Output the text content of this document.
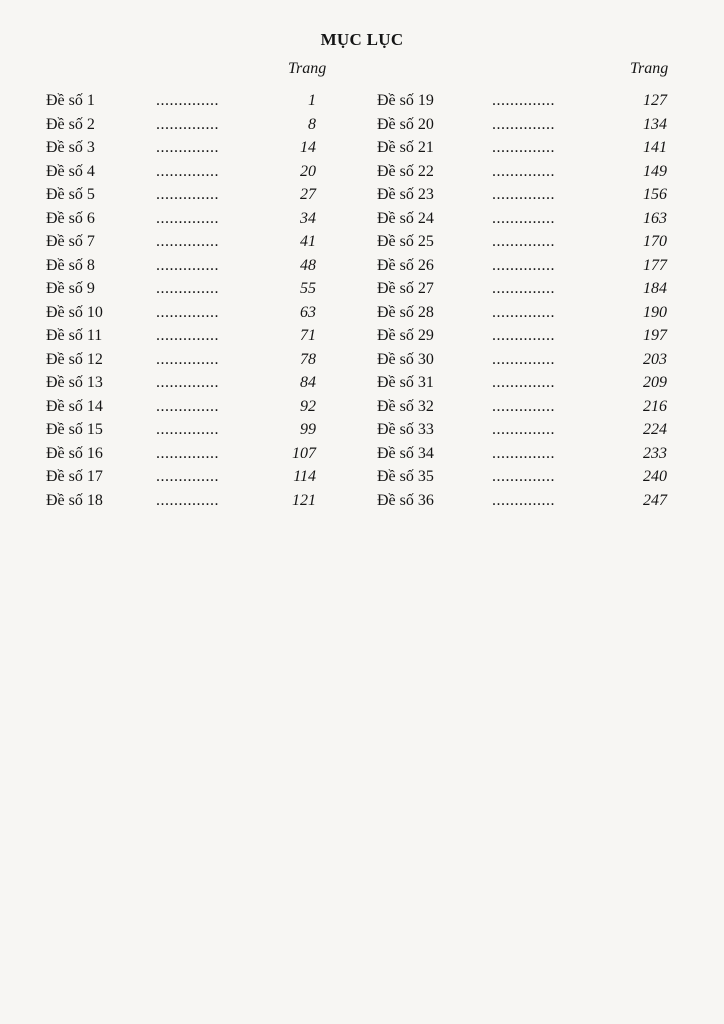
MỤC LỤC
Trang	Trang
Đề số 1	..............	1
Đề số 2	..............	8
Đề số 3	..............	14
Đề số 4	..............	20
Đề số 5	..............	27
Đề số 6	..............	34
Đề số 7	..............	41
Đề số 8	..............	48
Đề số 9	..............	55
Đề số 10	..............	63
Đề số 11	..............	71
Đề số 12	..............	78
Đề số 13	..............	84
Đề số 14	..............	92
Đề số 15	..............	99
Đề số 16	..............	107
Đề số 17	..............	114
Đề số 18	..............	121
Đề số 19	..............	127
Đề số 20	..............	134
Đề số 21	..............	141
Đề số 22	..............	149
Đề số 23	..............	156
Đề số 24	..............	163
Đề số 25	..............	170
Đề số 26	..............	177
Đề số 27	..............	184
Đề số 28	..............	190
Đề số 29	..............	197
Đề số 30	..............	203
Đề số 31	..............	209
Đề số 32	..............	216
Đề số 33	..............	224
Đề số 34	..............	233
Đề số 35	..............	240
Đề số 36	..............	247
